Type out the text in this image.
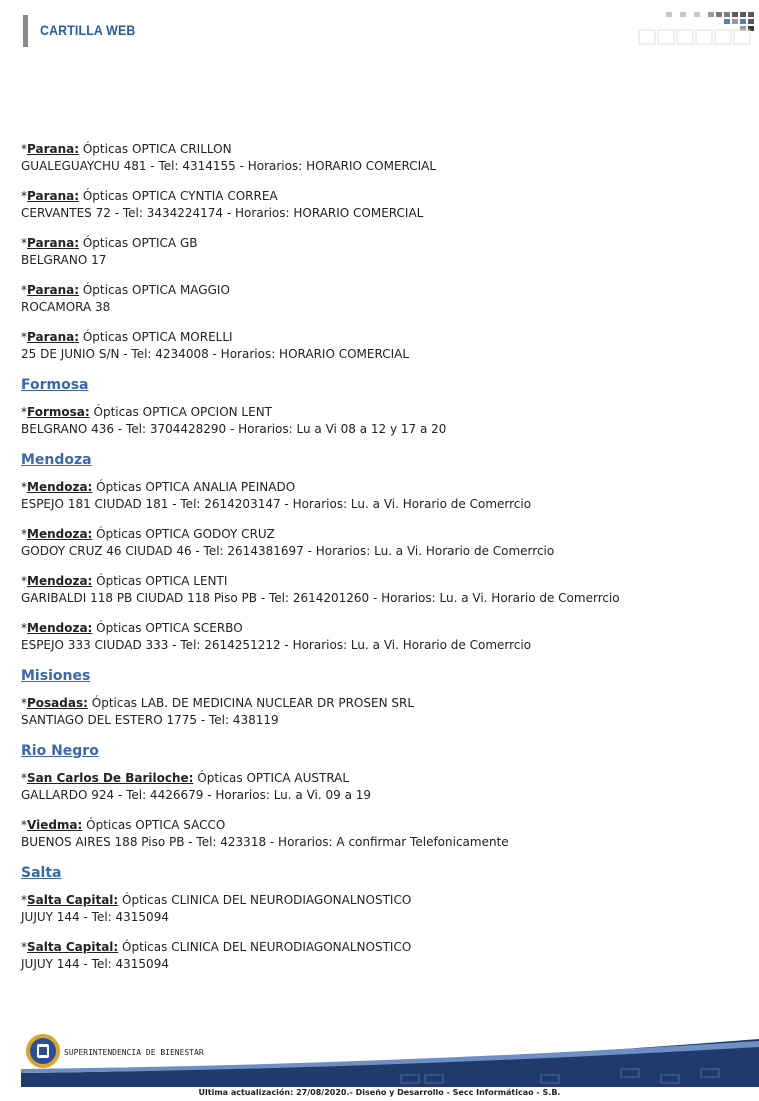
CARTILLA WEB
*Parana: Ópticas OPTICA CRILLON
GUALEGUAYCHU 481 - Tel: 4314155 - Horarios: HORARIO COMERCIAL
*Parana: Ópticas OPTICA CYNTIA CORREA
CERVANTES 72 - Tel: 3434224174 - Horarios: HORARIO COMERCIAL
*Parana: Ópticas OPTICA GB
BELGRANO 17
*Parana: Ópticas OPTICA MAGGIO
ROCAMORA 38
*Parana: Ópticas OPTICA MORELLI
25 DE JUNIO S/N - Tel: 4234008 - Horarios: HORARIO COMERCIAL
Formosa
*Formosa: Ópticas OPTICA OPCION LENT
BELGRANO 436 - Tel: 3704428290 - Horarios: Lu a Vi 08 a 12 y 17 a 20
Mendoza
*Mendoza: Ópticas OPTICA ANALIA PEINADO
ESPEJO 181 CIUDAD 181 - Tel: 2614203147 - Horarios: Lu. a Vi. Horario de Comerrcio
*Mendoza: Ópticas OPTICA GODOY CRUZ
GODOY CRUZ 46 CIUDAD 46 - Tel: 2614381697 - Horarios: Lu. a Vi. Horario de Comerrcio
*Mendoza: Ópticas OPTICA LENTI
GARIBALDI 118 PB CIUDAD 118 Piso PB - Tel: 2614201260 - Horarios: Lu. a Vi. Horario de Comerrcio
*Mendoza: Ópticas OPTICA SCERBO
ESPEJO 333 CIUDAD 333 - Tel: 2614251212 - Horarios: Lu. a Vi. Horario de Comerrcio
Misiones
*Posadas: Ópticas LAB. DE MEDICINA NUCLEAR DR PROSEN SRL
SANTIAGO DEL ESTERO 1775 - Tel: 438119
Rio Negro
*San Carlos De Bariloche: Ópticas OPTICA AUSTRAL
GALLARDO 924 - Tel: 4426679 - Horarios: Lu. a Vi. 09 a 19
*Viedma: Ópticas OPTICA SACCO
BUENOS AIRES 188 Piso PB - Tel: 423318 - Horarios: A confirmar Telefonicamente
Salta
*Salta Capital: Ópticas CLINICA DEL NEURODIAGONALNOSTICO
JUJUY 144 - Tel: 4315094
*Salta Capital: Ópticas CLINICA DEL NEURODIAGONALNOSTICO
JUJUY 144 - Tel: 4315094
SUPERINTENDENCIA DE BIENESTAR
Ultima actualización: 27/08/2020.- Diseño y Desarrollo - Secc Informáticao - S.B.
